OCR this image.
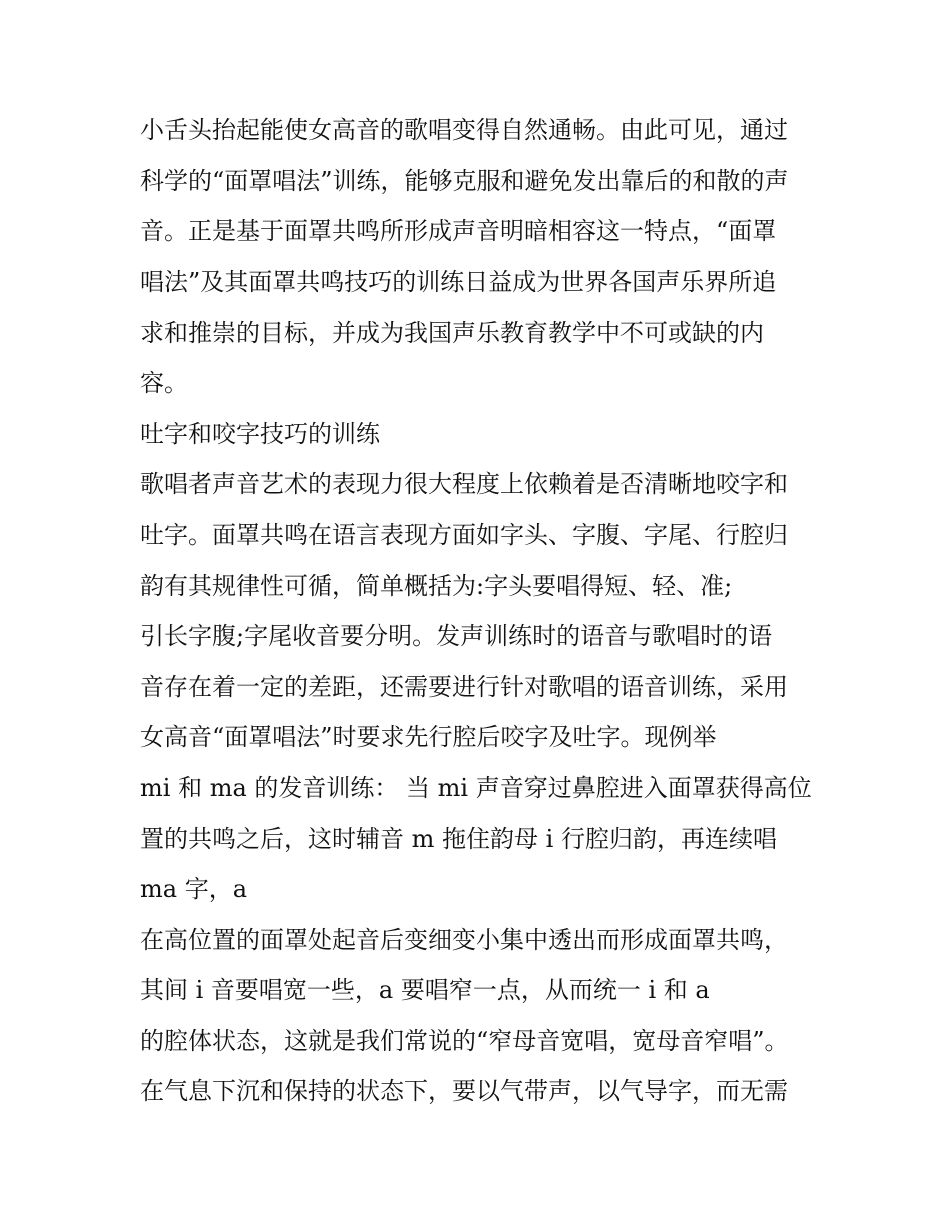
小舌头抬起能使女高音的歌唱变得自然通畅。由此可见，通过
科学的“面罩唱法”训练，能够克服和避免发出靠后的和散的声
音。正是基于面罩共鸣所形成声音明暗相容这一特点，“面罩
唱法”及其面罩共鸣技巧的训练日益成为世界各国声乐界所追
求和推崇的目标，并成为我国声乐教育教学中不可或缺的内
容。
吐字和咬字技巧的训练
歌唱者声音艺术的表现力很大程度上依赖着是否清晰地咬字和
吐字。面罩共鸣在语言表现方面如字头、字腹、字尾、行腔归
韵有其规律性可循，简单概括为:字头要唱得短、轻、准;
引长字腹;字尾收音要分明。发声训练时的语音与歌唱时的语
音存在着一定的差距，还需要进行针对歌唱的语音训练，采用
女高音“面罩唱法”时要求先行腔后咬字及吐字。现例举
mi 和 ma 的发音训练： 当 mi 声音穿过鼻腔进入面罩获得高位
置的共鸣之后，这时辅音 m 拖住韵母 i 行腔归韵，再连续唱
ma 字，a
在高位置的面罩处起音后变细变小集中透出而形成面罩共鸣，
其间 i 音要唱宽一些，a 要唱窄一点，从而统一 i 和 a
的腔体状态，这就是我们常说的“窄母音宽唱，宽母音窄唱”。
在气息下沉和保持的状态下，要以气带声，以气导字，而无需
